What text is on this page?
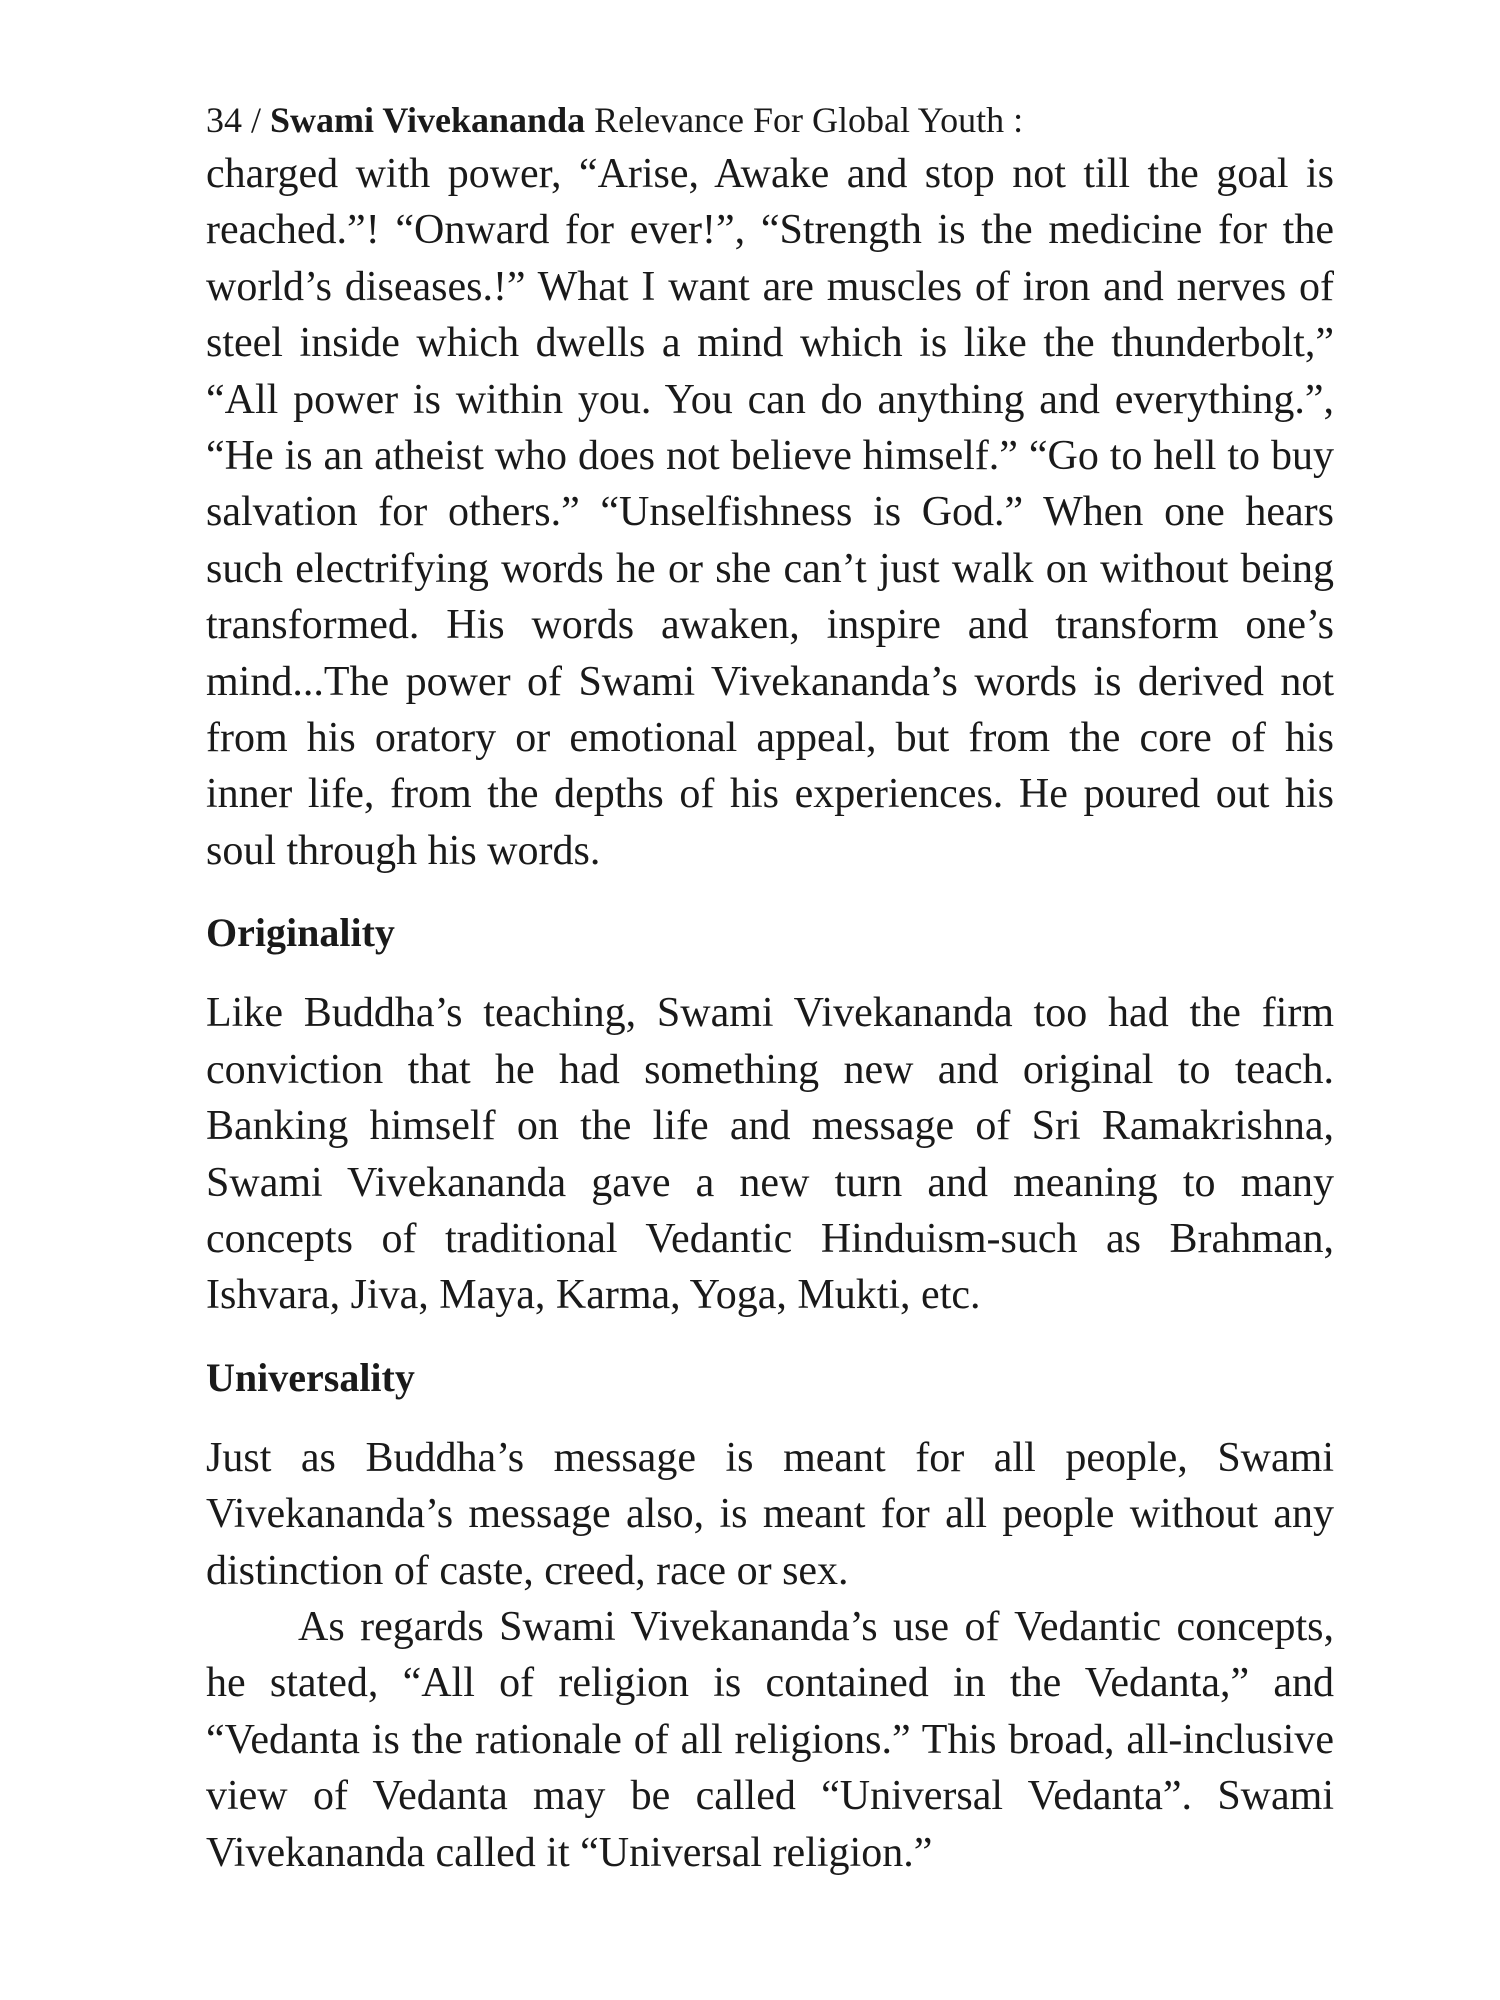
34 / Swami Vivekananda Relevance For Global Youth :

charged with power, “Arise, Awake and stop not till the goal is reached.”! “Onward for ever!”, “Strength is the medicine for the world’s diseases.!” What I want are muscles of iron and nerves of steel inside which dwells a mind which is like the thunderbolt,” “All power is within you. You can do anything and everything.”, “He is an atheist who does not believe himself.” “Go to hell to buy salvation for others.” “Unselfishness is God.” When one hears such electrifying words he or she can’t just walk on without being transformed. His words awaken, inspire and transform one’s mind...The power of Swami Vivekananda’s words is derived not from his oratory or emotional appeal, but from the core of his inner life, from the depths of his experiences. He poured out his soul through his words.

Originality

Like Buddha’s teaching, Swami Vivekananda too had the firm conviction that he had something new and original to teach. Banking himself on the life and message of Sri Ramakrishna, Swami Vivekananda gave a new turn and meaning to many concepts of traditional Vedantic Hinduism-such as Brahman, Ishvara, Jiva, Maya, Karma, Yoga, Mukti, etc.

Universality

Just as Buddha’s message is meant for all people, Swami Vivekananda’s message also, is meant for all people without any distinction of caste, creed, race or sex.

As regards Swami Vivekananda’s use of Vedantic concepts, he stated, “All of religion is contained in the Vedanta,” and “Vedanta is the rationale of all religions.” This broad, all-inclusive view of Vedanta may be called “Universal Vedanta”. Swami Vivekananda called it “Universal religion.”
